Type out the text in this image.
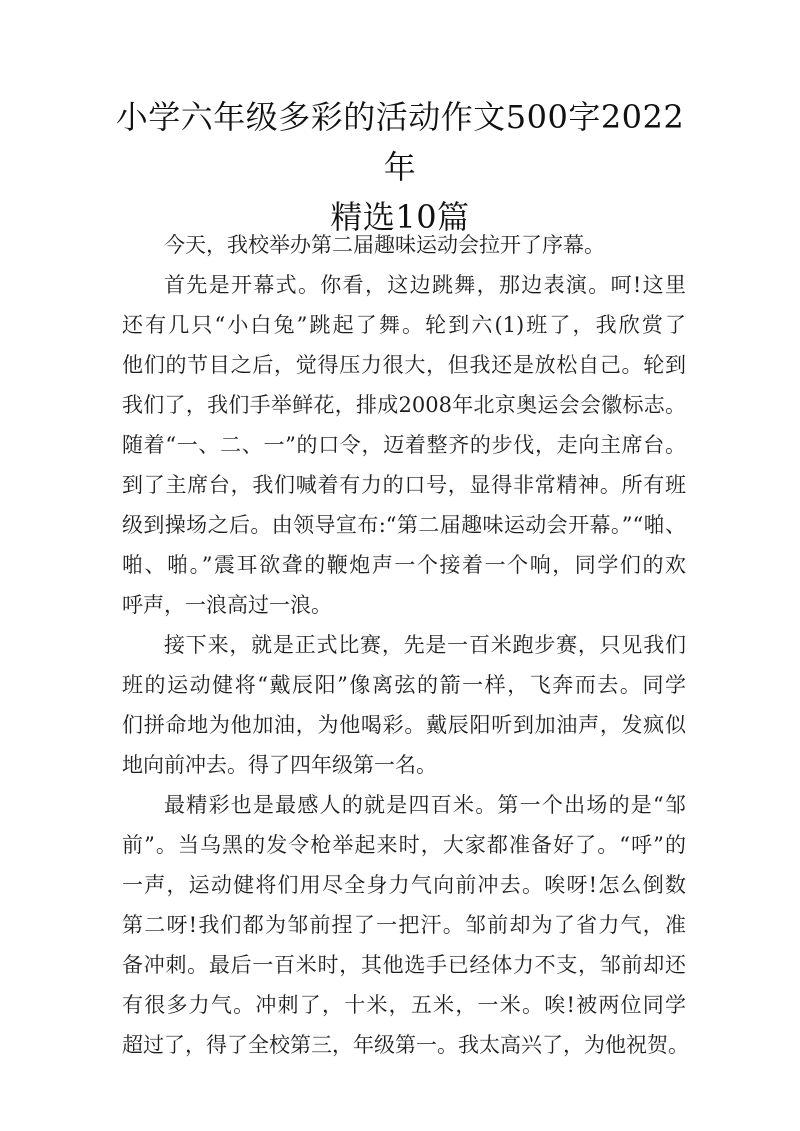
小学六年级多彩的活动作文500字2022年
精选10篇
今天，我校举办第二届趣味运动会拉开了序幕。
首先是开幕式。你看，这边跳舞，那边表演。呵!这里
还有几只“小白兔”跳起了舞。轮到六(1)班了，我欣赏了
他们的节目之后，觉得压力很大，但我还是放松自己。轮到
我们了，我们手举鲜花，排成2008年北京奥运会会徽标志。
随着“一、二、一”的口令，迈着整齐的步伐，走向主席台。
到了主席台，我们喊着有力的口号，显得非常精神。所有班
级到操场之后。由领导宣布:“第二届趣味运动会开幕。”“啪、
啪、啪。”震耳欲聋的鞭炮声一个接着一个响，同学们的欢
呼声，一浪高过一浪。
接下来，就是正式比赛，先是一百米跑步赛，只见我们
班的运动健将“戴辰阳”像离弦的箭一样，飞奔而去。同学
们拼命地为他加油，为他喝彩。戴辰阳听到加油声，发疯似
地向前冲去。得了四年级第一名。
最精彩也是最感人的就是四百米。第一个出场的是“邹
前”。当乌黑的发令枪举起来时，大家都准备好了。“呼”的
一声，运动健将们用尽全身力气向前冲去。唉呀!怎么倒数
第二呀!我们都为邹前捏了一把汗。邹前却为了省力气，准
备冲刺。最后一百米时，其他选手已经体力不支，邹前却还
有很多力气。冲刺了，十米，五米，一米。唉!被两位同学
超过了，得了全校第三，年级第一。我太高兴了，为他祝贺。
